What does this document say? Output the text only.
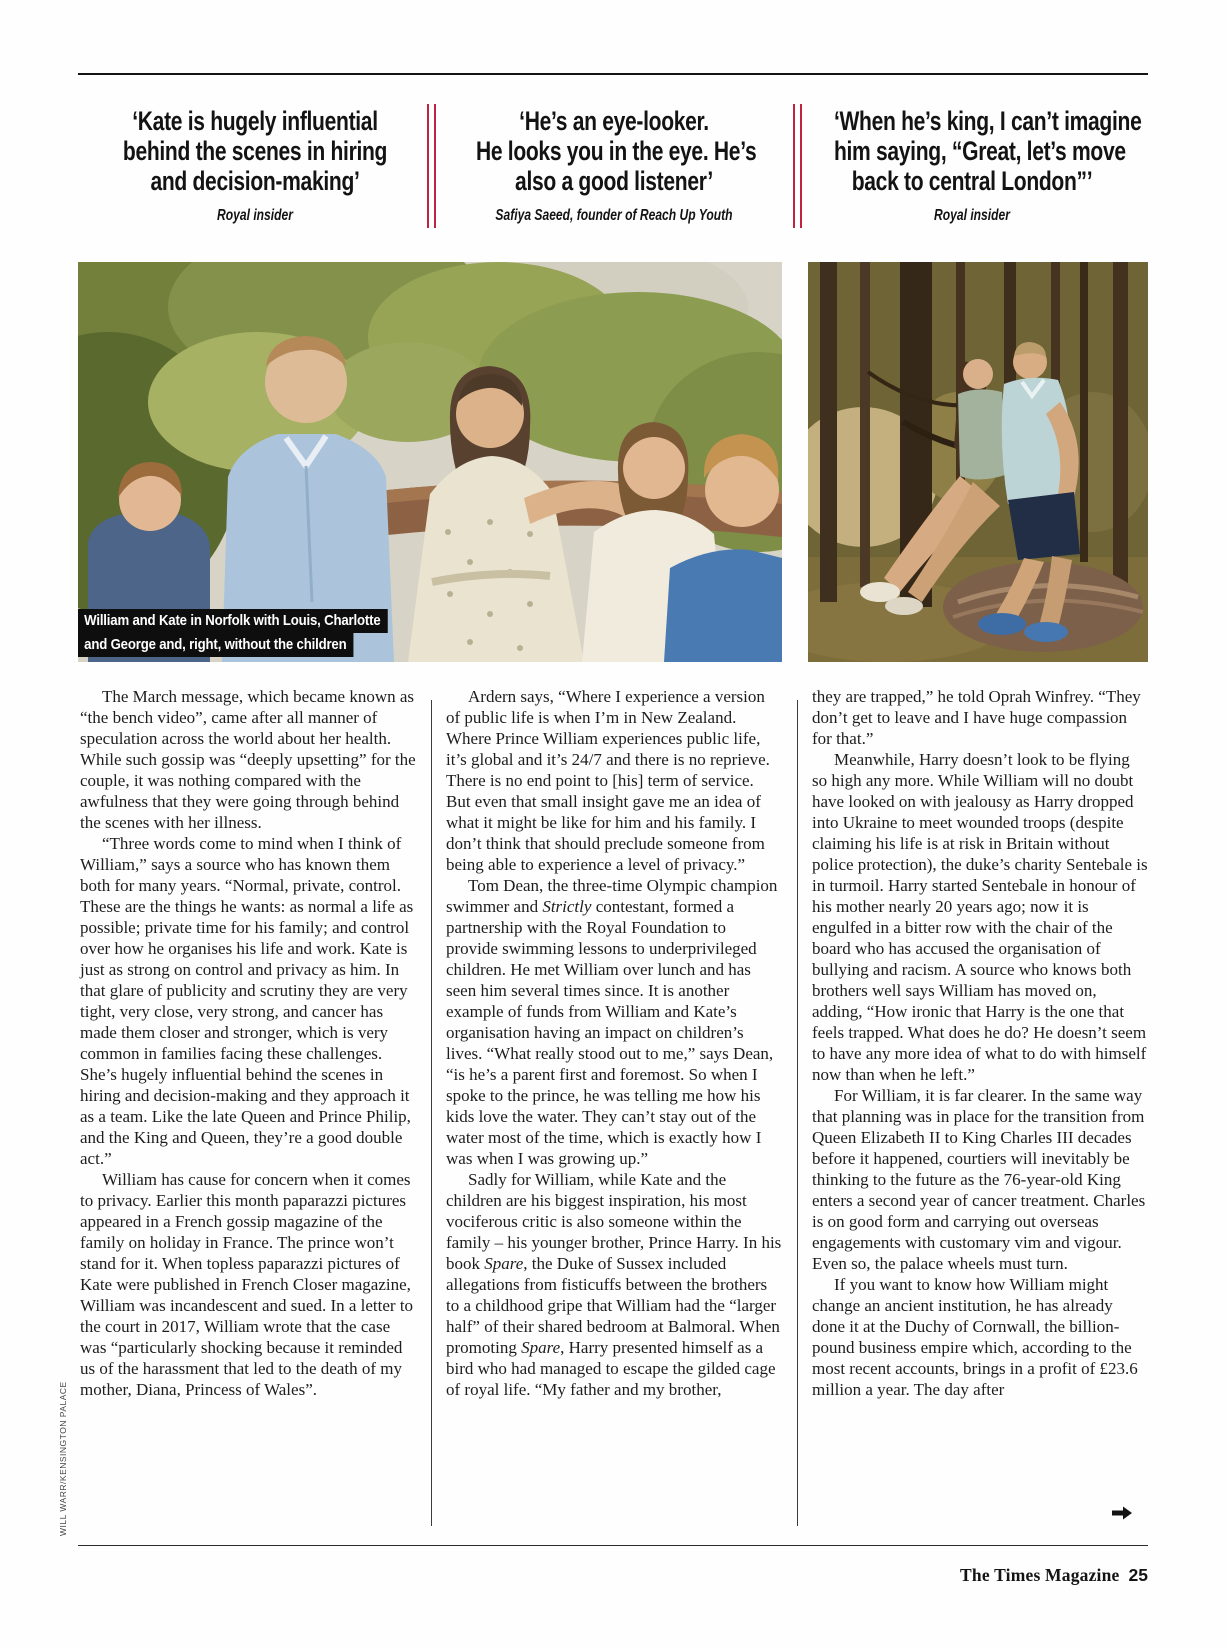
‘Kate is hugely influential
behind the scenes in hiring
and decision-making’
Royal insider
‘He’s an eye-looker.
He looks you in the eye. He’s
also a good listener’
Safiya Saeed, founder of Reach Up Youth
‘When he’s king, I can’t imagine
him saying, “Great, let’s move
back to central London”’
Royal insider
William and Kate in Norfolk with Louis, Charlotte
and George and, right, without the children

The March message, which became known as “the bench video”, came after all manner of speculation across the world about her health. While such gossip was “deeply upsetting” for the couple, it was nothing compared with the awfulness that they were going through behind the scenes with her illness.

“Three words come to mind when I think of William,” says a source who has known them both for many years. “Normal, private, control. These are the things he wants: as normal a life as possible; private time for his family; and control over how he organises his life and work. Kate is just as strong on control and privacy as him. In that glare of publicity and scrutiny they are very tight, very close, very strong, and cancer has made them closer and stronger, which is very common in families facing these challenges. She’s hugely influential behind the scenes in hiring and decision-making and they approach it as a team. Like the late Queen and Prince Philip, and the King and Queen, they’re a good double act.”

William has cause for concern when it comes to privacy. Earlier this month paparazzi pictures appeared in a French gossip magazine of the family on holiday in France. The prince won’t stand for it. When topless paparazzi pictures of Kate were published in French Closer magazine, William was incandescent and sued. In a letter to the court in 2017, William wrote that the case was “particularly shocking because it reminded us of the harassment that led to the death of my mother, Diana, Princess of Wales”.

Ardern says, “Where I experience a version of public life is when I’m in New Zealand. Where Prince William experiences public life, it’s global and it’s 24/7 and there is no reprieve. There is no end point to [his] term of service. But even that small insight gave me an idea of what it might be like for him and his family. I don’t think that should preclude someone from being able to experience a level of privacy.”

Tom Dean, the three-time Olympic champion swimmer and Strictly contestant, formed a partnership with the Royal Foundation to provide swimming lessons to underprivileged children. He met William over lunch and has seen him several times since. It is another example of funds from William and Kate’s organisation having an impact on children’s lives. “What really stood out to me,” says Dean, “is he’s a parent first and foremost. So when I spoke to the prince, he was telling me how his kids love the water. They can’t stay out of the water most of the time, which is exactly how I was when I was growing up.”

Sadly for William, while Kate and the children are his biggest inspiration, his most vociferous critic is also someone within the family – his younger brother, Prince Harry. In his book Spare, the Duke of Sussex included allegations from fisticuffs between the brothers to a childhood gripe that William had the “larger half” of their shared bedroom at Balmoral. When promoting Spare, Harry presented himself as a bird who had managed to escape the gilded cage of royal life. “My father and my brother,

they are trapped,” he told Oprah Winfrey. “They don’t get to leave and I have huge compassion for that.”

Meanwhile, Harry doesn’t look to be flying so high any more. While William will no doubt have looked on with jealousy as Harry dropped into Ukraine to meet wounded troops (despite claiming his life is at risk in Britain without police protection), the duke’s charity Sentebale is in turmoil. Harry started Sentebale in honour of his mother nearly 20 years ago; now it is engulfed in a bitter row with the chair of the board who has accused the organisation of bullying and racism. A source who knows both brothers well says William has moved on, adding, “How ironic that Harry is the one that feels trapped. What does he do? He doesn’t seem to have any more idea of what to do with himself now than when he left.”

For William, it is far clearer. In the same way that planning was in place for the transition from Queen Elizabeth II to King Charles III decades before it happened, courtiers will inevitably be thinking to the future as the 76-year-old King enters a second year of cancer treatment. Charles is on good form and carrying out overseas engagements with customary vim and vigour. Even so, the palace wheels must turn.

If you want to know how William might change an ancient institution, he has already done it at the Duchy of Cornwall, the billion-pound business empire which, according to the most recent accounts, brings in a profit of £23.6 million a year. The day after

WILL WARR/KENSINGTON PALACE
The Times Magazine 25
